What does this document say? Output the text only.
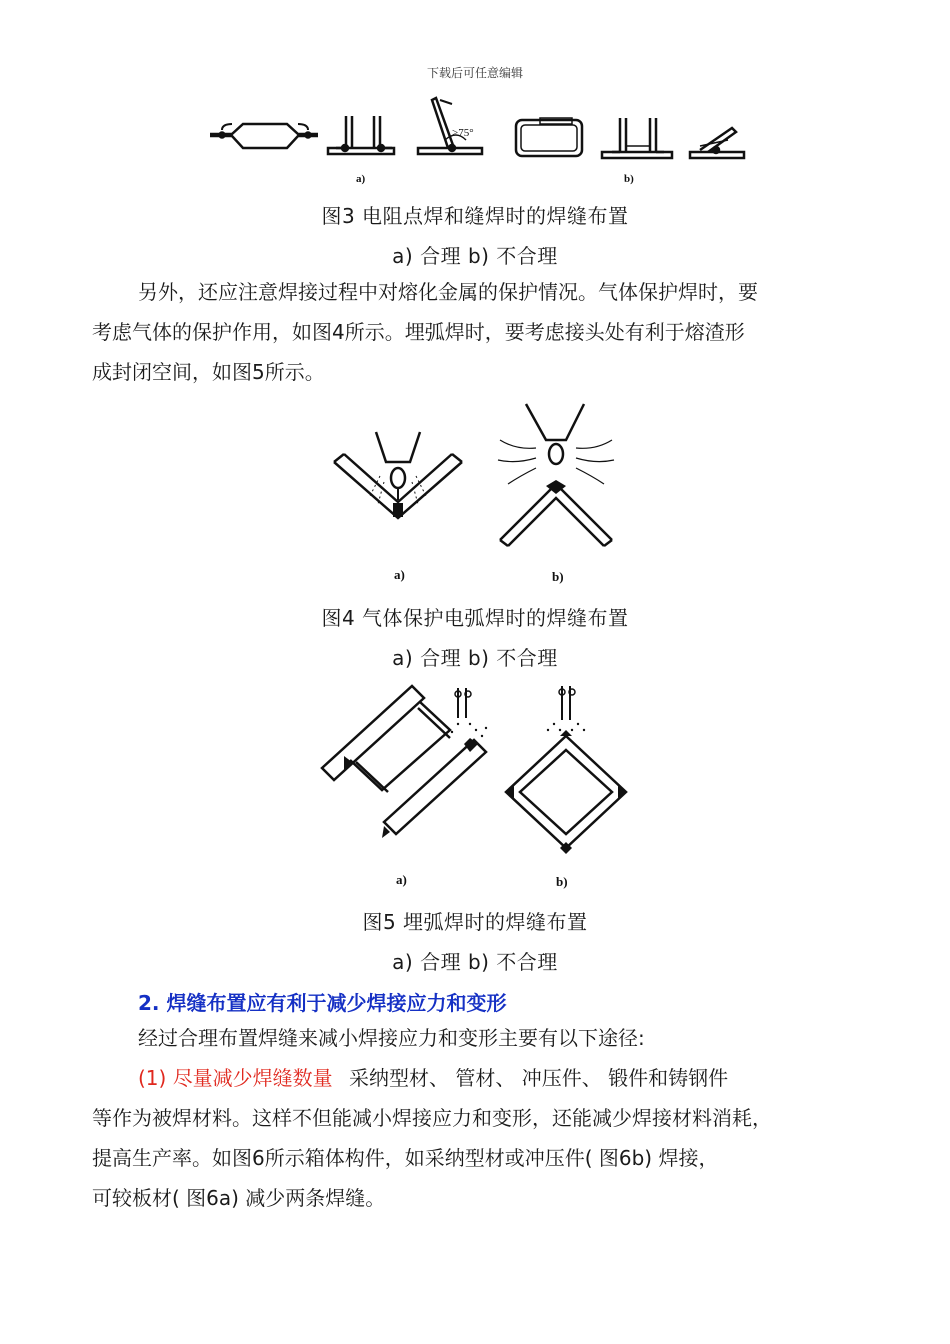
下载后可任意编辑
>75°
a)	b)
图3 电阻点焊和缝焊时的焊缝布置
a) 合理 b) 不合理
另外，还应注意焊接过程中对熔化金属的保护情况。气体保护焊时，要
考虑气体的保护作用，如图4所示。埋弧焊时，要考虑接头处有利于熔渣形
成封闭空间，如图5所示。
a)	b)
图4 气体保护电弧焊时的焊缝布置
a) 合理 b) 不合理
a)	b)
图5 埋弧焊时的焊缝布置
a) 合理 b) 不合理
2. 焊缝布置应有利于减少焊接应力和变形
经过合理布置焊缝来减小焊接应力和变形主要有以下途径:
(1) 尽量减少焊缝数量 采纳型材、 管材、 冲压件、 锻件和铸钢件
等作为被焊材料。这样不但能减小焊接应力和变形，还能减少焊接材料消耗，
提高生产率。如图6所示箱体构件，如采纳型材或冲压件( 图6b) 焊接，
可较板材( 图6a) 减少两条焊缝。
